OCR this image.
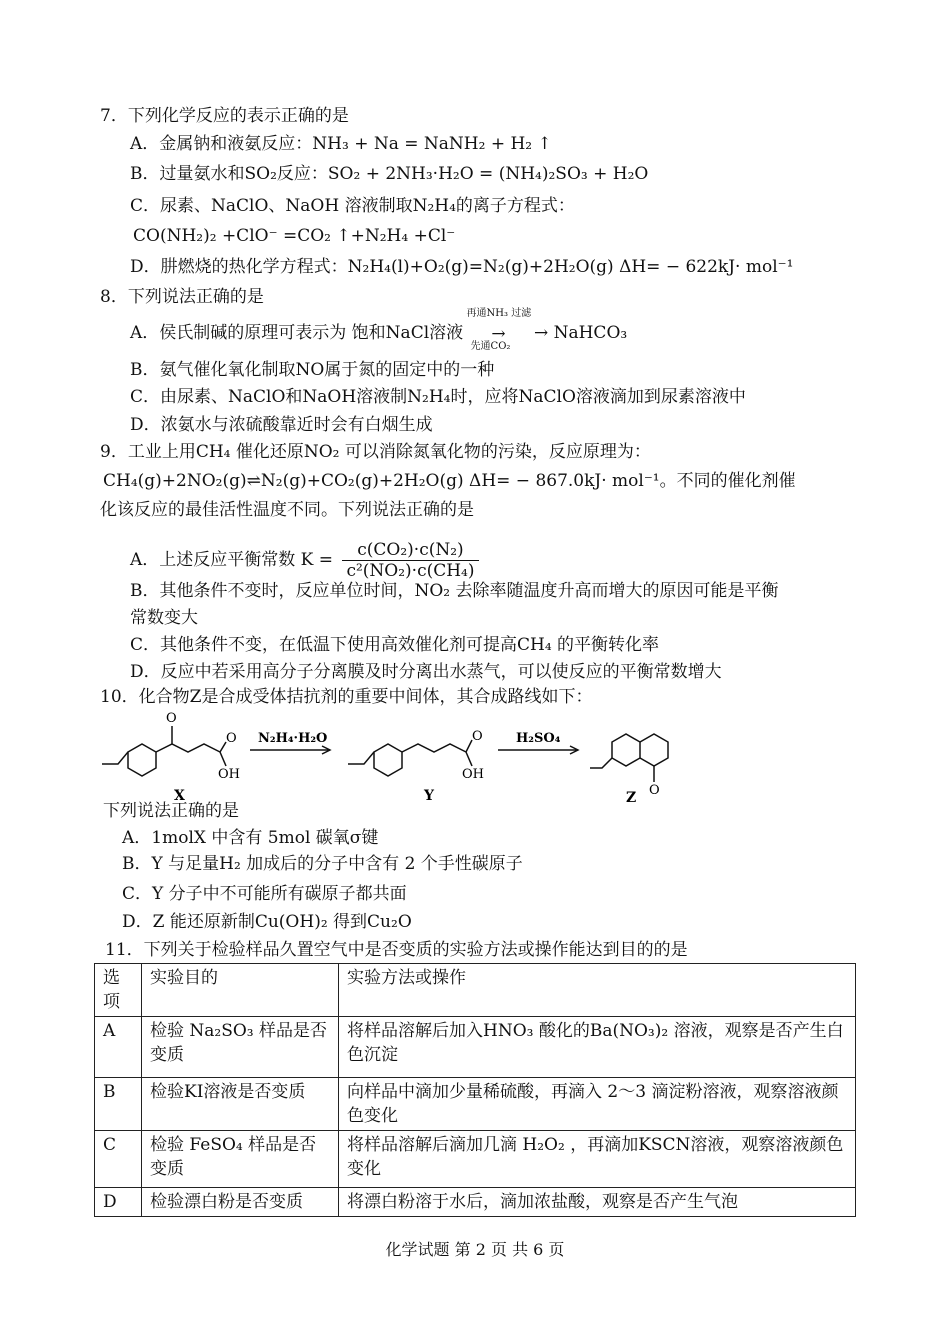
7．下列化学反应的表示正确的是
A．金属钠和液氨反应：NH₃ + Na = NaNH₂ + H₂ ↑
B．过量氨水和SO₂反应：SO₂ + 2NH₃·H₂O = (NH₄)₂SO₃ + H₂O
C．尿素、NaClO、NaOH 溶液制取N₂H₄的离子方程式：
CO(NH₂)₂ +ClO⁻ =CO₂ ↑+N₂H₄ +Cl⁻
D．肼燃烧的热化学方程式：N₂H₄(l)+O₂(g)=N₂(g)+2H₂O(g) ΔH= − 622kJ· mol⁻¹
8．下列说法正确的是
A．侯氏制碱的原理可表示为 饱和NaCl溶液
再通NH₃ 过滤
→
先通CO₂
→ NaHCO₃
B．氨气催化氧化制取NO属于氮的固定中的一种
C．由尿素、NaClO和NaOH溶液制N₂H₄时，应将NaClO溶液滴加到尿素溶液中
D．浓氨水与浓硫酸靠近时会有白烟生成
9．工业上用CH₄ 催化还原NO₂ 可以消除氮氧化物的污染，反应原理为：
CH₄(g)+2NO₂(g)⇌N₂(g)+CO₂(g)+2H₂O(g) ΔH= − 867.0kJ· mol⁻¹。不同的催化剂催
化该反应的最佳活性温度不同。下列说法正确的是
A．上述反应平衡常数 $K = \frac{\text{c(CO₂)·c(N₂)}}{\text{c²(NO₂)·c(CH₄)}}$
B．其他条件不变时，反应单位时间，NO₂ 去除率随温度升高而增大的原因可能是平衡
常数变大
C．其他条件不变，在低温下使用高效催化剂可提高CH₄ 的平衡转化率
D．反应中若采用高分子分离膜及时分离出水蒸气，可以使反应的平衡常数增大
10．化合物Z是合成受体拮抗剂的重要中间体，其合成路线如下：
O
O
OH
O
OH
O
N₂H₄·H₂O	H₂SO₄
X	Y	Z
下列说法正确的是
A．1molX 中含有 5mol 碳氧σ键
B．Y 与足量H₂ 加成后的分子中含有 2 个手性碳原子
C．Y 分子中不可能所有碳原子都共面
D．Z 能还原新制Cu(OH)₂ 得到Cu₂O
11．下列关于检验样品久置空气中是否变质的实验方法或操作能达到目的的是
选项	实验目的	实验方法或操作
A	检验 Na₂SO₃ 样品是否变质	将样品溶解后加入HNO₃ 酸化的Ba(NO₃)₂ 溶液，观察是否产生白色沉淀
B	检验KI溶液是否变质	向样品中滴加少量稀硫酸，再滴入 2～3 滴淀粉溶液，观察溶液颜色变化
C	检验 FeSO₄ 样品是否变质	将样品溶解后滴加几滴 H₂O₂ ，再滴加KSCN溶液，观察溶液颜色变化
D	检验漂白粉是否变质	将漂白粉溶于水后，滴加浓盐酸，观察是否产生气泡
化学试题 第 2 页 共 6 页
